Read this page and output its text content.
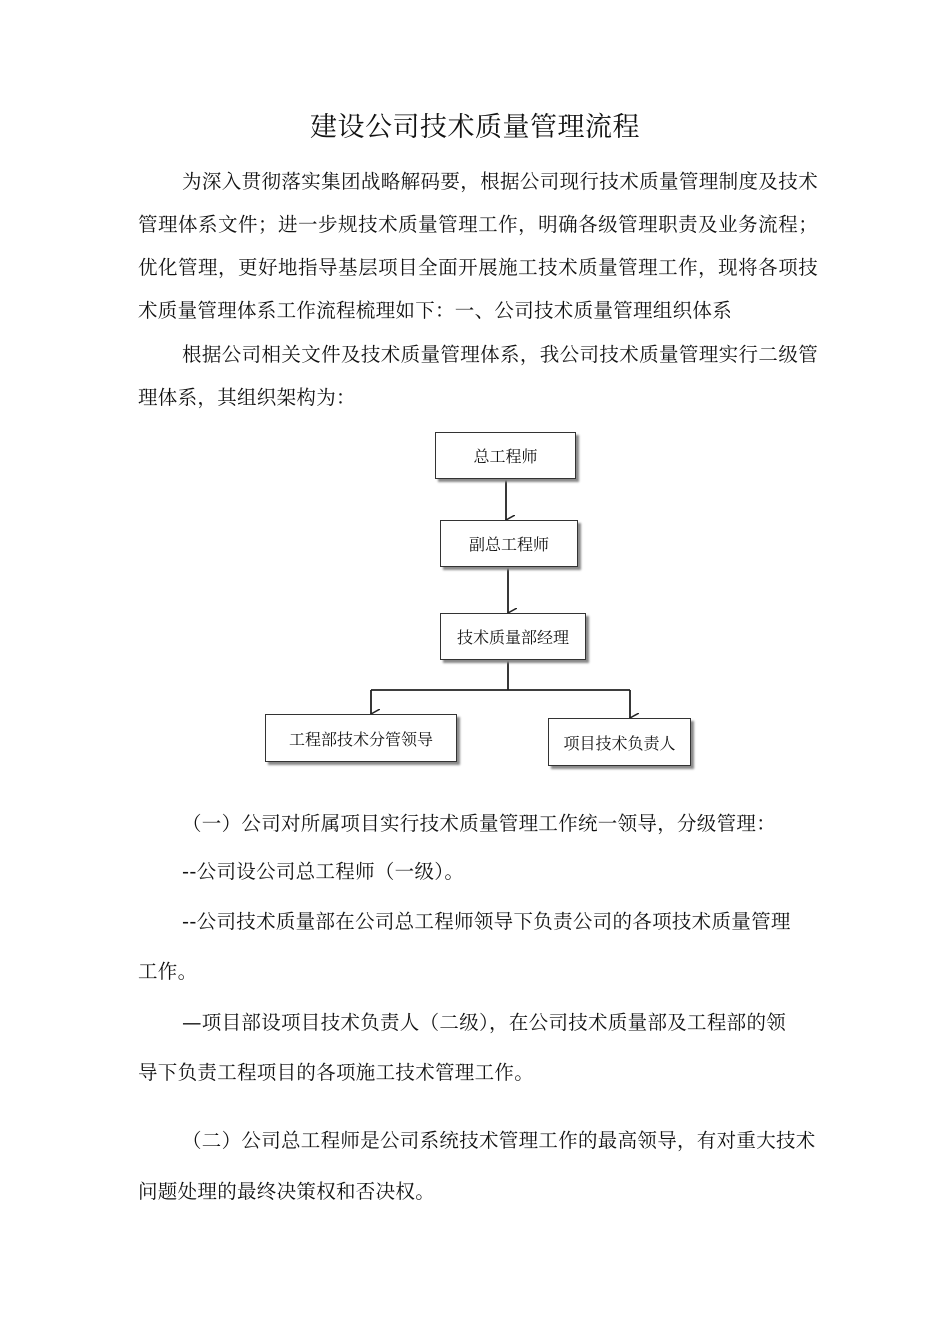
建设公司技术质量管理流程
为深入贯彻落实集团战略解码要，根据公司现行技术质量管理制度及技术管理体系文件；进一步规技术质量管理工作，明确各级管理职责及业务流程；优化管理，更好地指导基层项目全面开展施工技术质量管理工作，现将各项技术质量管理体系工作流程梳理如下：一、公司技术质量管理组织体系
根据公司相关文件及技术质量管理体系，我公司技术质量管理实行二级管理体系，其组织架构为：
总工程师
副总工程师
技术质量部经理
工程部技术分管领导	项目技术负责人
（一）公司对所属项目实行技术质量管理工作统一领导，分级管理：
--公司设公司总工程师（一级）。
--公司技术质量部在公司总工程师领导下负责公司的各项技术质量管理
工作。
—项目部设项目技术负责人（二级），在公司技术质量部及工程部的领
导下负责工程项目的各项施工技术管理工作。
（二）公司总工程师是公司系统技术管理工作的最高领导，有对重大技术
问题处理的最终决策权和否决权。
